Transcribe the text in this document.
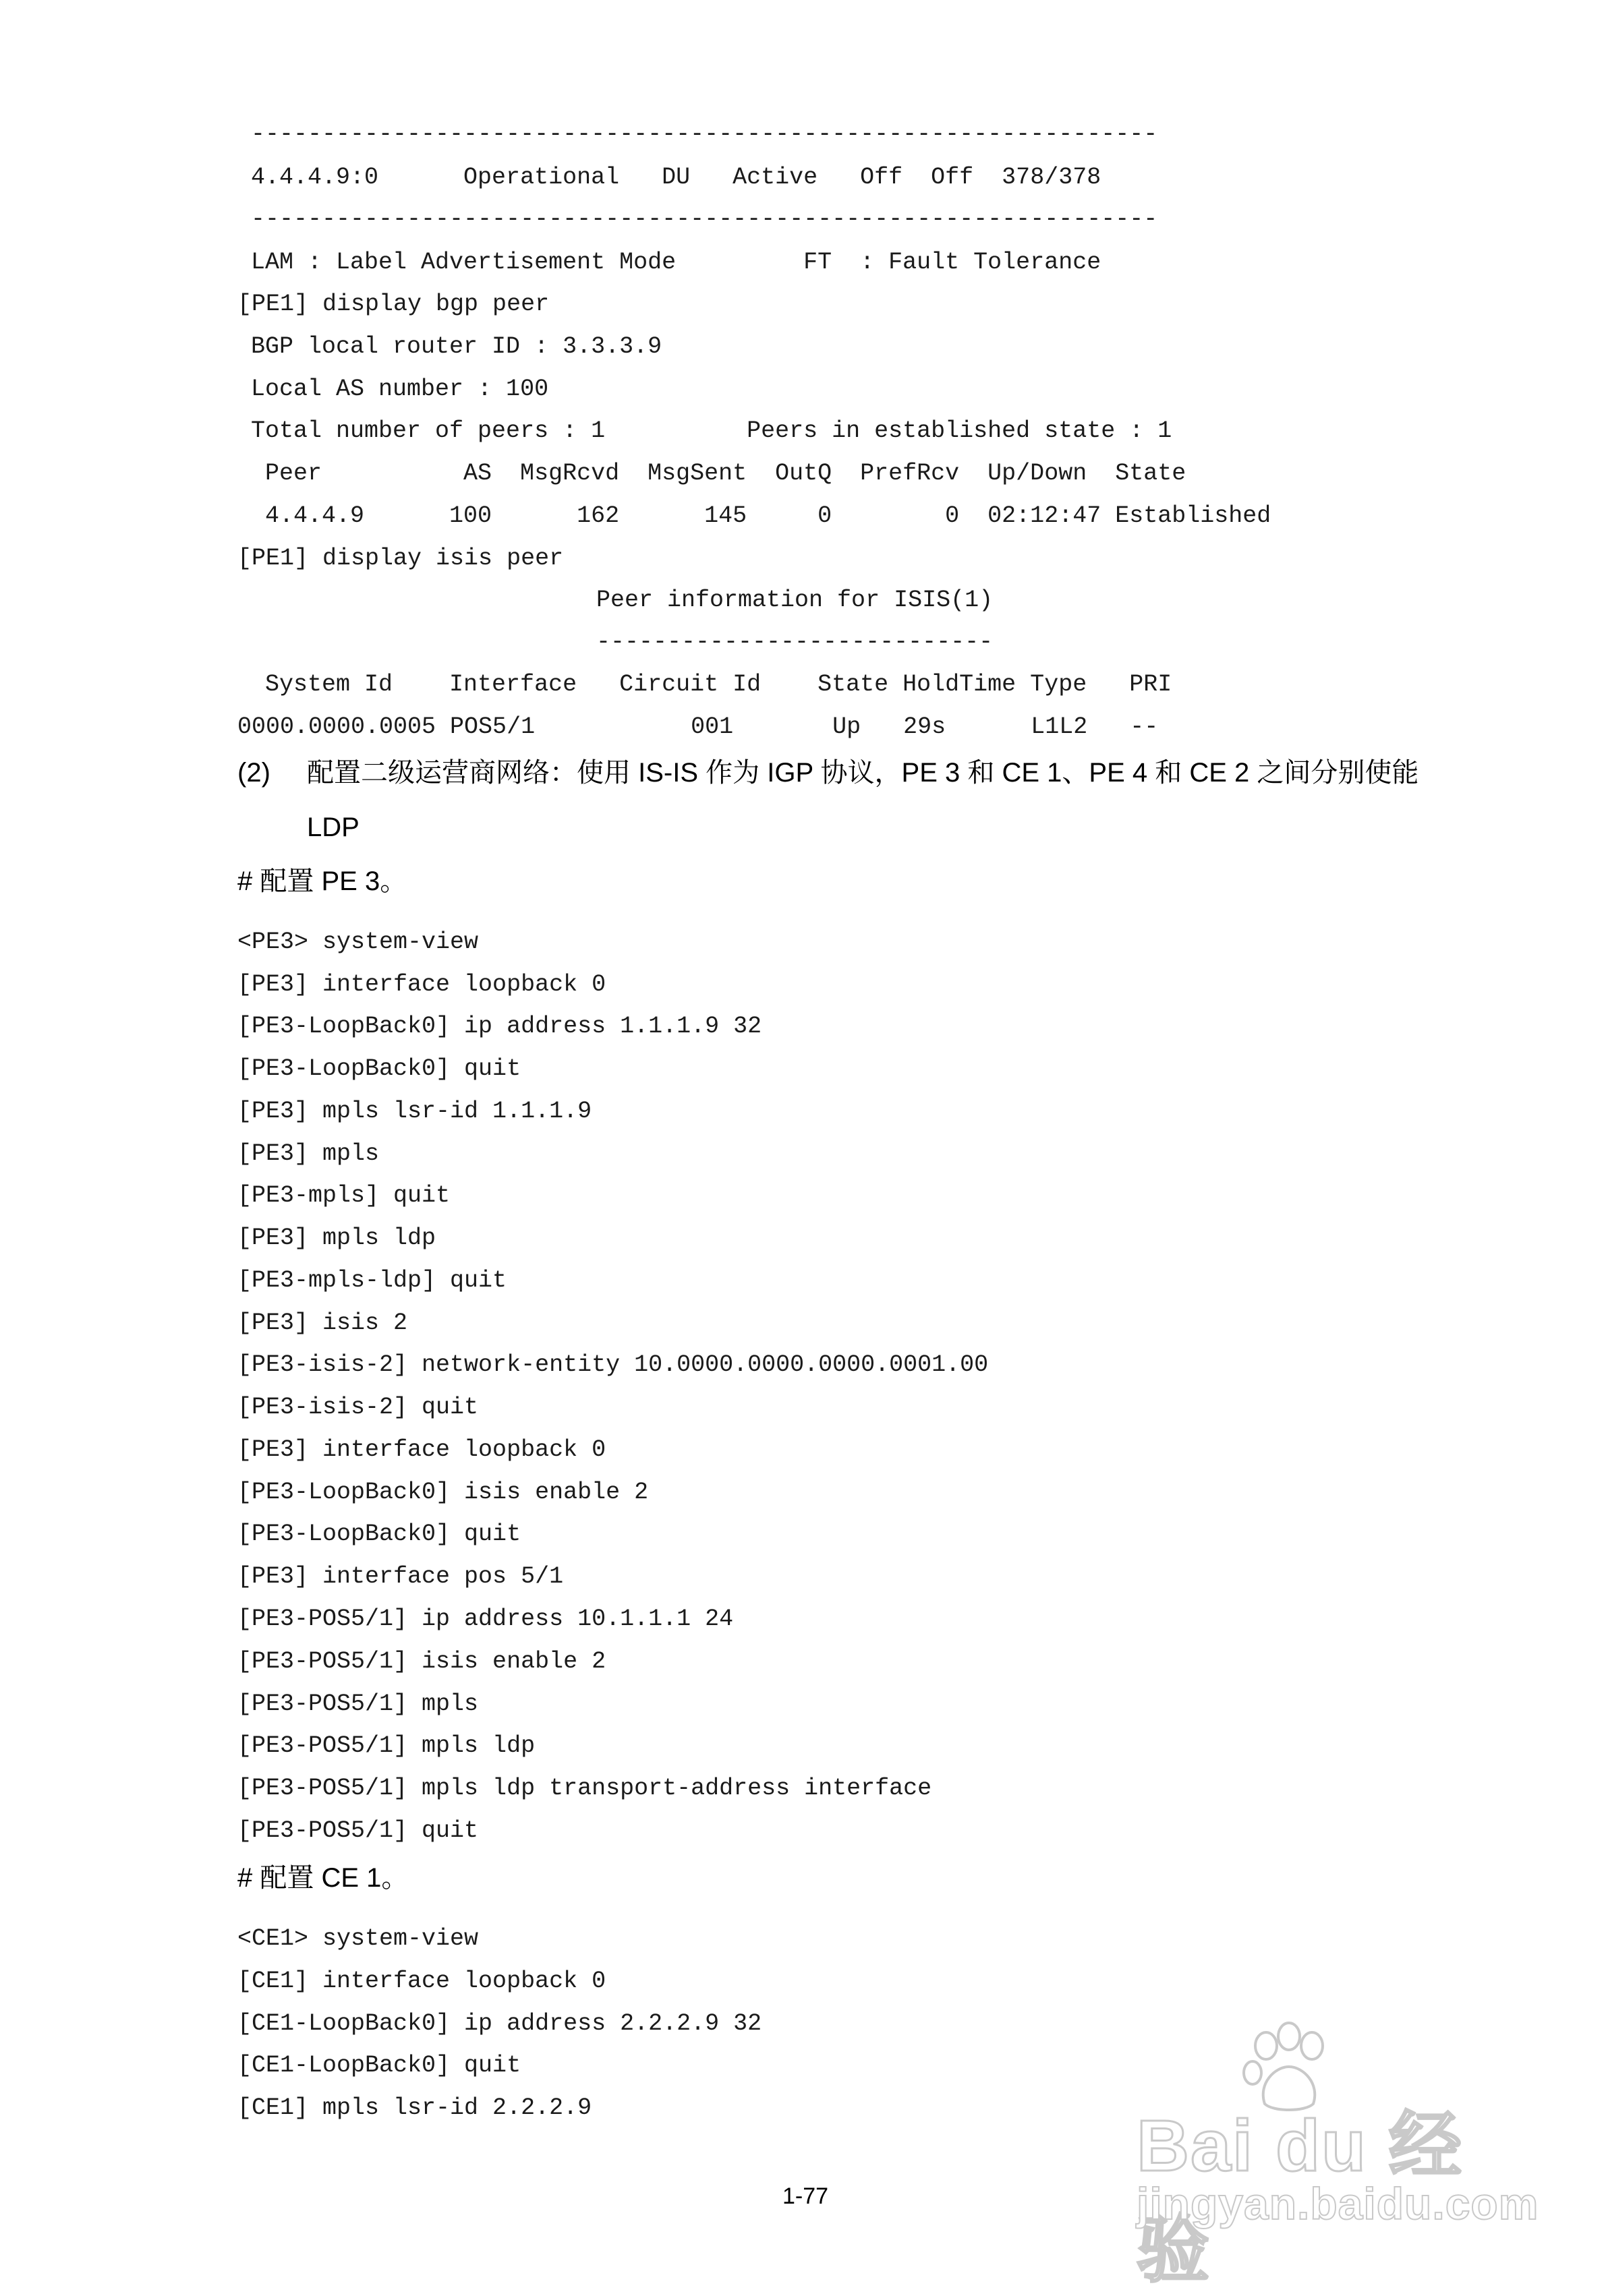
----------------------------------------------------------------
4.4.4.9:0      Operational   DU   Active   Off  Off  378/378
----------------------------------------------------------------
LAM : Label Advertisement Mode         FT  : Fault Tolerance
[PE1] display bgp peer
BGP local router ID : 3.3.3.9
Local AS number : 100
Total number of peers : 1          Peers in established state : 1
Peer          AS  MsgRcvd  MsgSent  OutQ  PrefRcv  Up/Down  State
4.4.4.9      100      162      145     0        0  02:12:47 Established
[PE1] display isis peer
Peer information for ISIS(1)
----------------------------
System Id    Interface   Circuit Id    State HoldTime Type   PRI
0000.0000.0005 POS5/1           001       Up   29s      L1L2   --
(2) 配置二级运营商网络：使用 IS-IS 作为 IGP 协议，PE 3 和 CE 1、PE 4 和 CE 2 之间分别使能
LDP
# 配置 PE 3。
<PE3> system-view
[PE3] interface loopback 0
[PE3-LoopBack0] ip address 1.1.1.9 32
[PE3-LoopBack0] quit
[PE3] mpls lsr-id 1.1.1.9
[PE3] mpls
[PE3-mpls] quit
[PE3] mpls ldp
[PE3-mpls-ldp] quit
[PE3] isis 2
[PE3-isis-2] network-entity 10.0000.0000.0000.0001.00
[PE3-isis-2] quit
[PE3] interface loopback 0
[PE3-LoopBack0] isis enable 2
[PE3-LoopBack0] quit
[PE3] interface pos 5/1
[PE3-POS5/1] ip address 10.1.1.1 24
[PE3-POS5/1] isis enable 2
[PE3-POS5/1] mpls
[PE3-POS5/1] mpls ldp
[PE3-POS5/1] mpls ldp transport-address interface
[PE3-POS5/1] quit
# 配置 CE 1。
<CE1> system-view
[CE1] interface loopback 0
[CE1-LoopBack0] ip address 2.2.2.9 32
[CE1-LoopBack0] quit
[CE1] mpls lsr-id 2.2.2.9
1-77
Bai du 经验
jingyan.baidu.com
